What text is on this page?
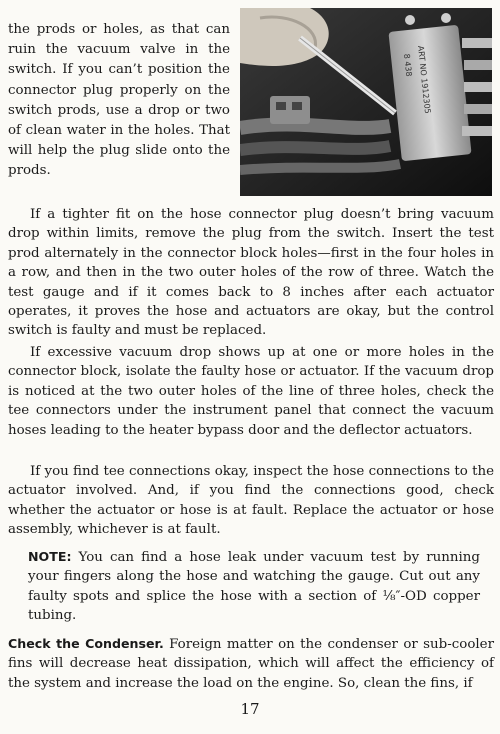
the prods or holes, as that can ruin the vacuum valve in the switch. If you can’t position the connector plug properly on the switch prods, use a drop or two of clean water in the holes. That will help the plug slide onto the prods.
ART NO 1912305
8 438

If a tighter fit on the hose connector plug doesn’t bring vacuum drop within limits, remove the plug from the switch. Insert the test prod alternately in the connector block holes—first in the four holes in a row, and then in the two outer holes of the row of three. Watch the test gauge and if it comes back to 8 inches after each actuator operates, it proves the hose and actuators are okay, but the control switch is faulty and must be replaced.

If excessive vacuum drop shows up at one or more holes in the connector block, isolate the faulty hose or actuator. If the vacuum drop is noticed at the two outer holes of the line of three holes, check the tee connectors under the instrument panel that connect the vacuum hoses leading to the heater bypass door and the deflector actuators.

If you find tee connections okay, inspect the hose connections to the actuator involved. And, if you find the connections good, check whether the actuator or hose is at fault. Replace the actuator or hose assembly, whichever is at fault.

NOTE: You can find a hose leak under vacuum test by running your fingers along the hose and watching the gauge. Cut out any faulty spots and splice the hose with a section of ⅛″-OD copper tubing.

Check the Condenser. Foreign matter on the condenser or sub-cooler fins will decrease heat dissipation, which will affect the efficiency of the system and increase the load on the engine. So, clean the fins, if

17
